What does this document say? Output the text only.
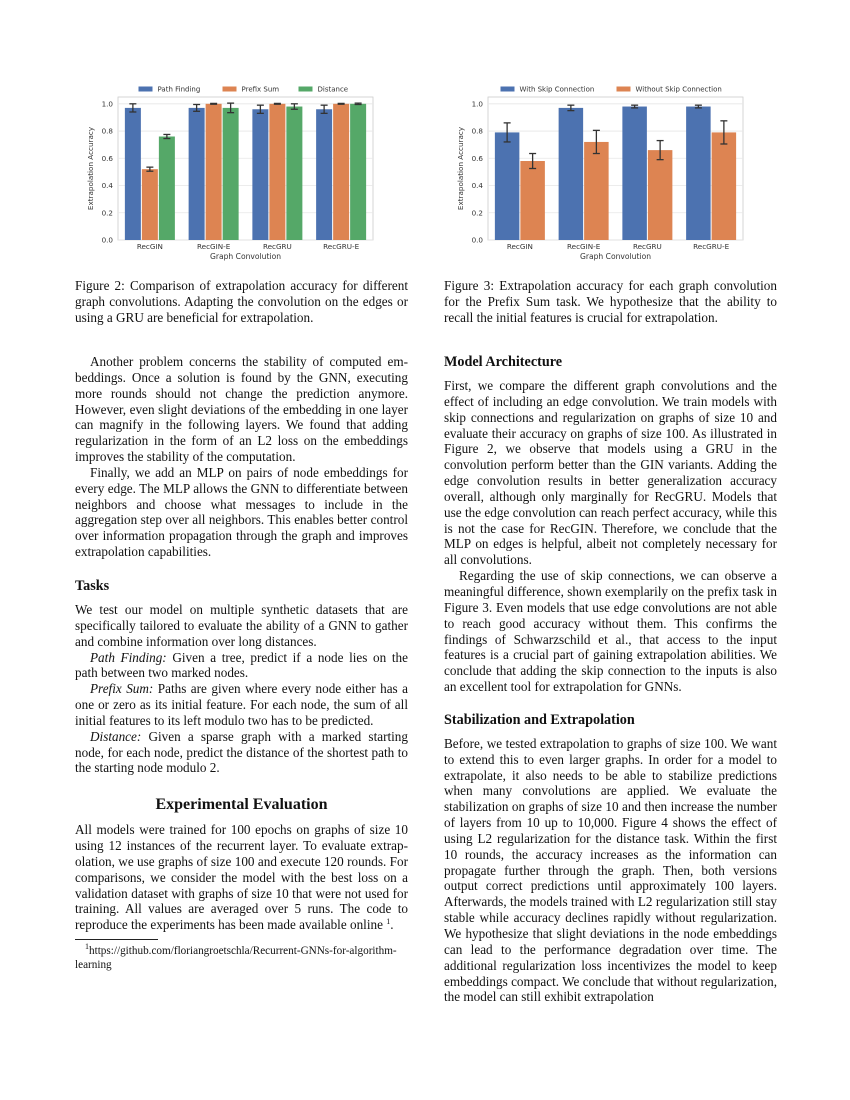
0.0
0.2
0.4
0.6
0.8
1.0
Extrapolation Accuracy
RecGIN	RecGIN-E	RecGRU	RecGRU-E
Graph Convolution
Path Finding	Prefix Sum	Distance
Figure 2: Comparison of extrapolation accuracy for different graph convolutions. Adapting the convolution on the edges or using a GRU are beneficial for extrapolation.
0.0
0.2
0.4
0.6
0.8
1.0
Extrapolation Accuracy
RecGIN	RecGIN-E	RecGRU	RecGRU-E
Graph Convolution
With Skip Connection	Without Skip Connection
Figure 3: Extrapolation accuracy for each graph convolution for the Prefix Sum task. We hypothesize that the ability to recall the initial features is crucial for extrapolation.

Another problem concerns the stability of computed embeddings. Once a solution is found by the GNN, executing more rounds should not change the prediction anymore. However, even slight deviations of the embedding in one layer can magnify in the following layers. We found that adding regularization in the form of an L2 loss on the embeddings improves the stability of the computation.

Finally, we add an MLP on pairs of node embeddings for every edge. The MLP allows the GNN to differentiate between neighbors and choose what messages to include in the aggregation step over all neighbors. This enables better control over information propagation through the graph and improves extrapolation capabilities.

Tasks

We test our model on multiple synthetic datasets that are specifically tailored to evaluate the ability of a GNN to gather and combine information over long distances.

Path Finding: Given a tree, predict if a node lies on the path between two marked nodes.

Prefix Sum: Paths are given where every node either has a one or zero as its initial feature. For each node, the sum of all initial features to its left modulo two has to be predicted.

Distance: Given a sparse graph with a marked starting node, for each node, predict the distance of the shortest path to the starting node modulo 2.

Experimental Evaluation

All models were trained for 100 epochs on graphs of size 10 using 12 instances of the recurrent layer. To evaluate extrapolation, we use graphs of size 100 and execute 120 rounds. For comparisons, we consider the model with the best loss on a validation dataset with graphs of size 10 that were not used for training. All values are averaged over 5 runs. The code to reproduce the experiments has been made available online $^1$.

$^1$https://github.com/floriangroetschla/Recurrent-GNNs-for-algorithm-learning
Model Architecture

First, we compare the different graph convolutions and the effect of including an edge convolution. We train models with skip connections and regularization on graphs of size 10 and evaluate their accuracy on graphs of size 100. As illustrated in Figure 2, we observe that models using a GRU in the convolution perform better than the GIN variants. Adding the edge convolution results in better generalization accuracy overall, although only marginally for RecGRU. Models that use the edge convolution can reach perfect accuracy, while this is not the case for RecGIN. Therefore, we conclude that the MLP on edges is helpful, albeit not completely necessary for all convolutions.

Regarding the use of skip connections, we can observe a meaningful difference, shown exemplarily on the prefix task in Figure 3. Even models that use edge convolutions are not able to reach good accuracy without them. This confirms the findings of Schwarzschild et al., that access to the input features is a crucial part of gaining extrapolation abilities. We conclude that adding the skip connection to the inputs is also an excellent tool for extrapolation for GNNs.

Stabilization and Extrapolation

Before, we tested extrapolation to graphs of size 100. We want to extend this to even larger graphs. In order for a model to extrapolate, it also needs to be able to stabilize predictions when many convolutions are applied. We evaluate the stabilization on graphs of size 10 and then increase the number of layers from 10 up to 10,000. Figure 4 shows the effect of using L2 regularization for the distance task. Within the first 10 rounds, the accuracy increases as the information can propagate further through the graph. Then, both versions output correct predictions until approximately 100 layers. Afterwards, the models trained with L2 regularization still stay stable while accuracy declines rapidly without regularization. We hypothesize that slight deviations in the node embeddings can lead to the performance degradation over time. The additional regularization loss incentivizes the model to keep embeddings compact. We conclude that without regularization, the model can still exhibit extrapolation
